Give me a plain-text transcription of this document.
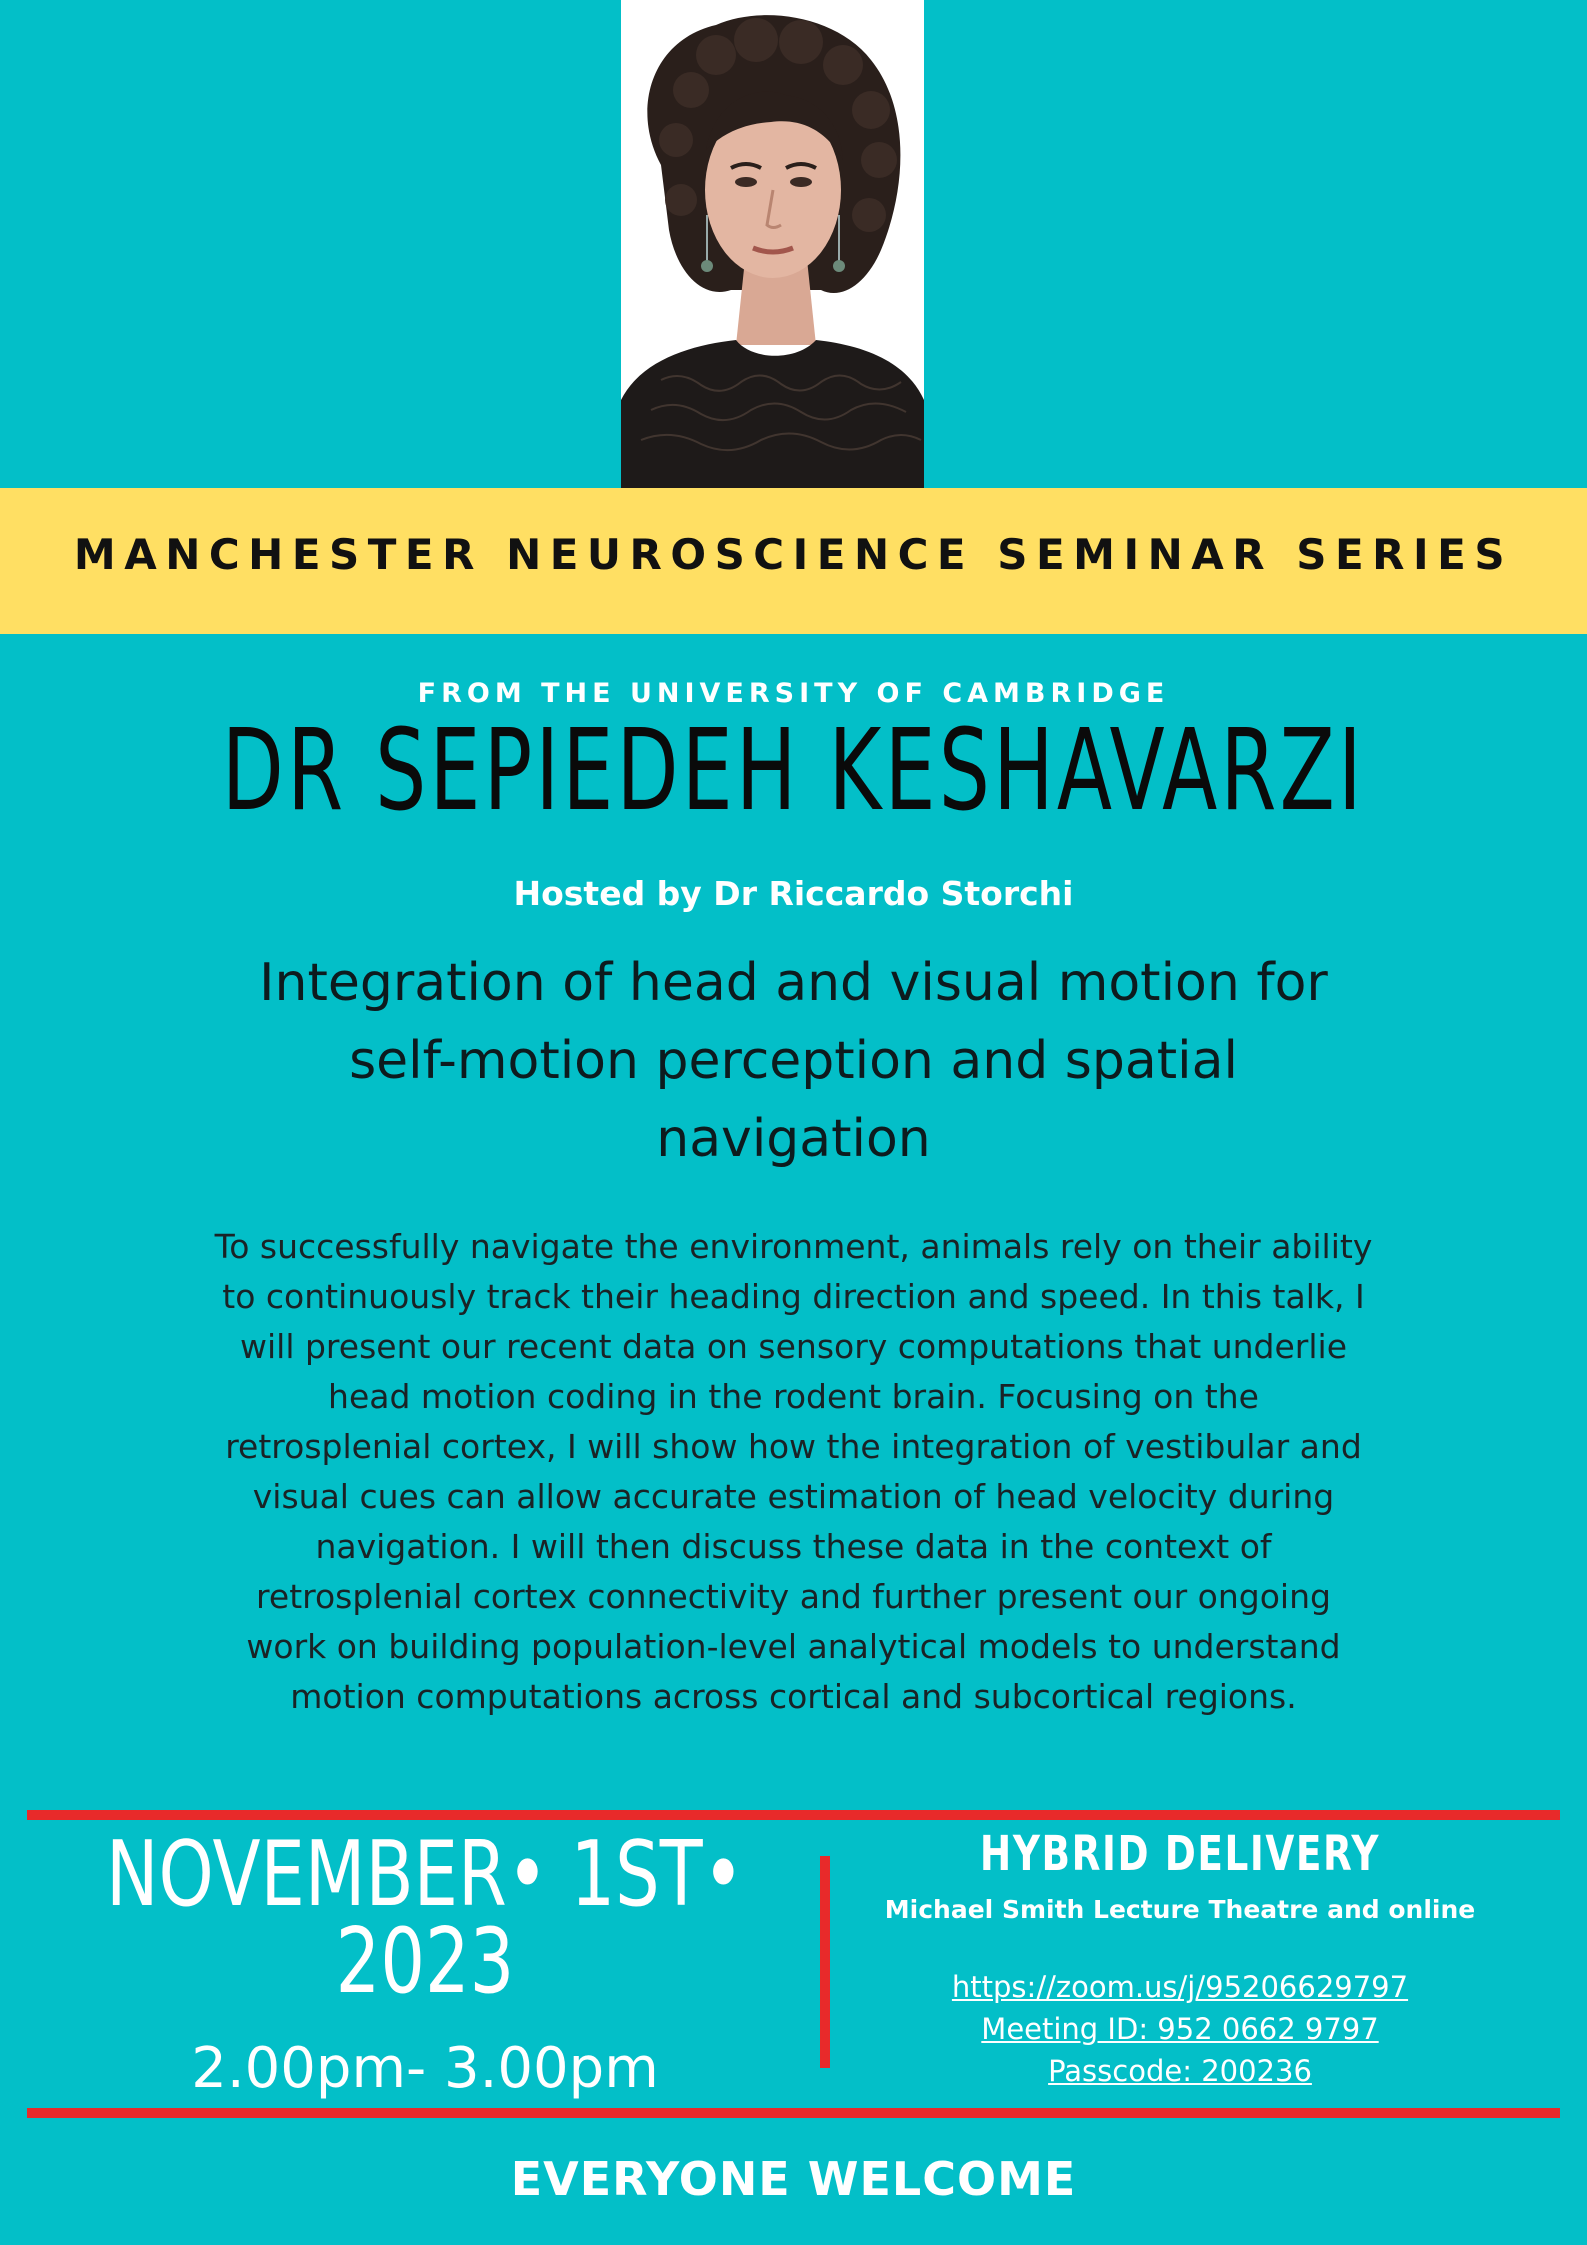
MANCHESTER NEUROSCIENCE SEMINAR SERIES
FROM THE UNIVERSITY OF CAMBRIDGE
DR SEPIEDEH KESHAVARZI
Hosted by Dr Riccardo Storchi
Integration of head and visual motion for
self-motion perception and spatial
navigation
To successfully navigate the environment, animals rely on their ability
to continuously track their heading direction and speed. In this talk, I
will present our recent data on sensory computations that underlie
head motion coding in the rodent brain. Focusing on the
retrosplenial cortex, I will show how the integration of vestibular and
visual cues can allow accurate estimation of head velocity during
navigation. I will then discuss these data in the context of
retrosplenial cortex connectivity and further present our ongoing
work on building population-level analytical models to understand
motion computations across cortical and subcortical regions.
NOVEMBER• 1ST•
2023
2.00pm- 3.00pm
HYBRID DELIVERY
Michael Smith Lecture Theatre and online
https://zoom.us/j/95206629797
Meeting ID: 952 0662 9797
Passcode: 200236
EVERYONE WELCOME
